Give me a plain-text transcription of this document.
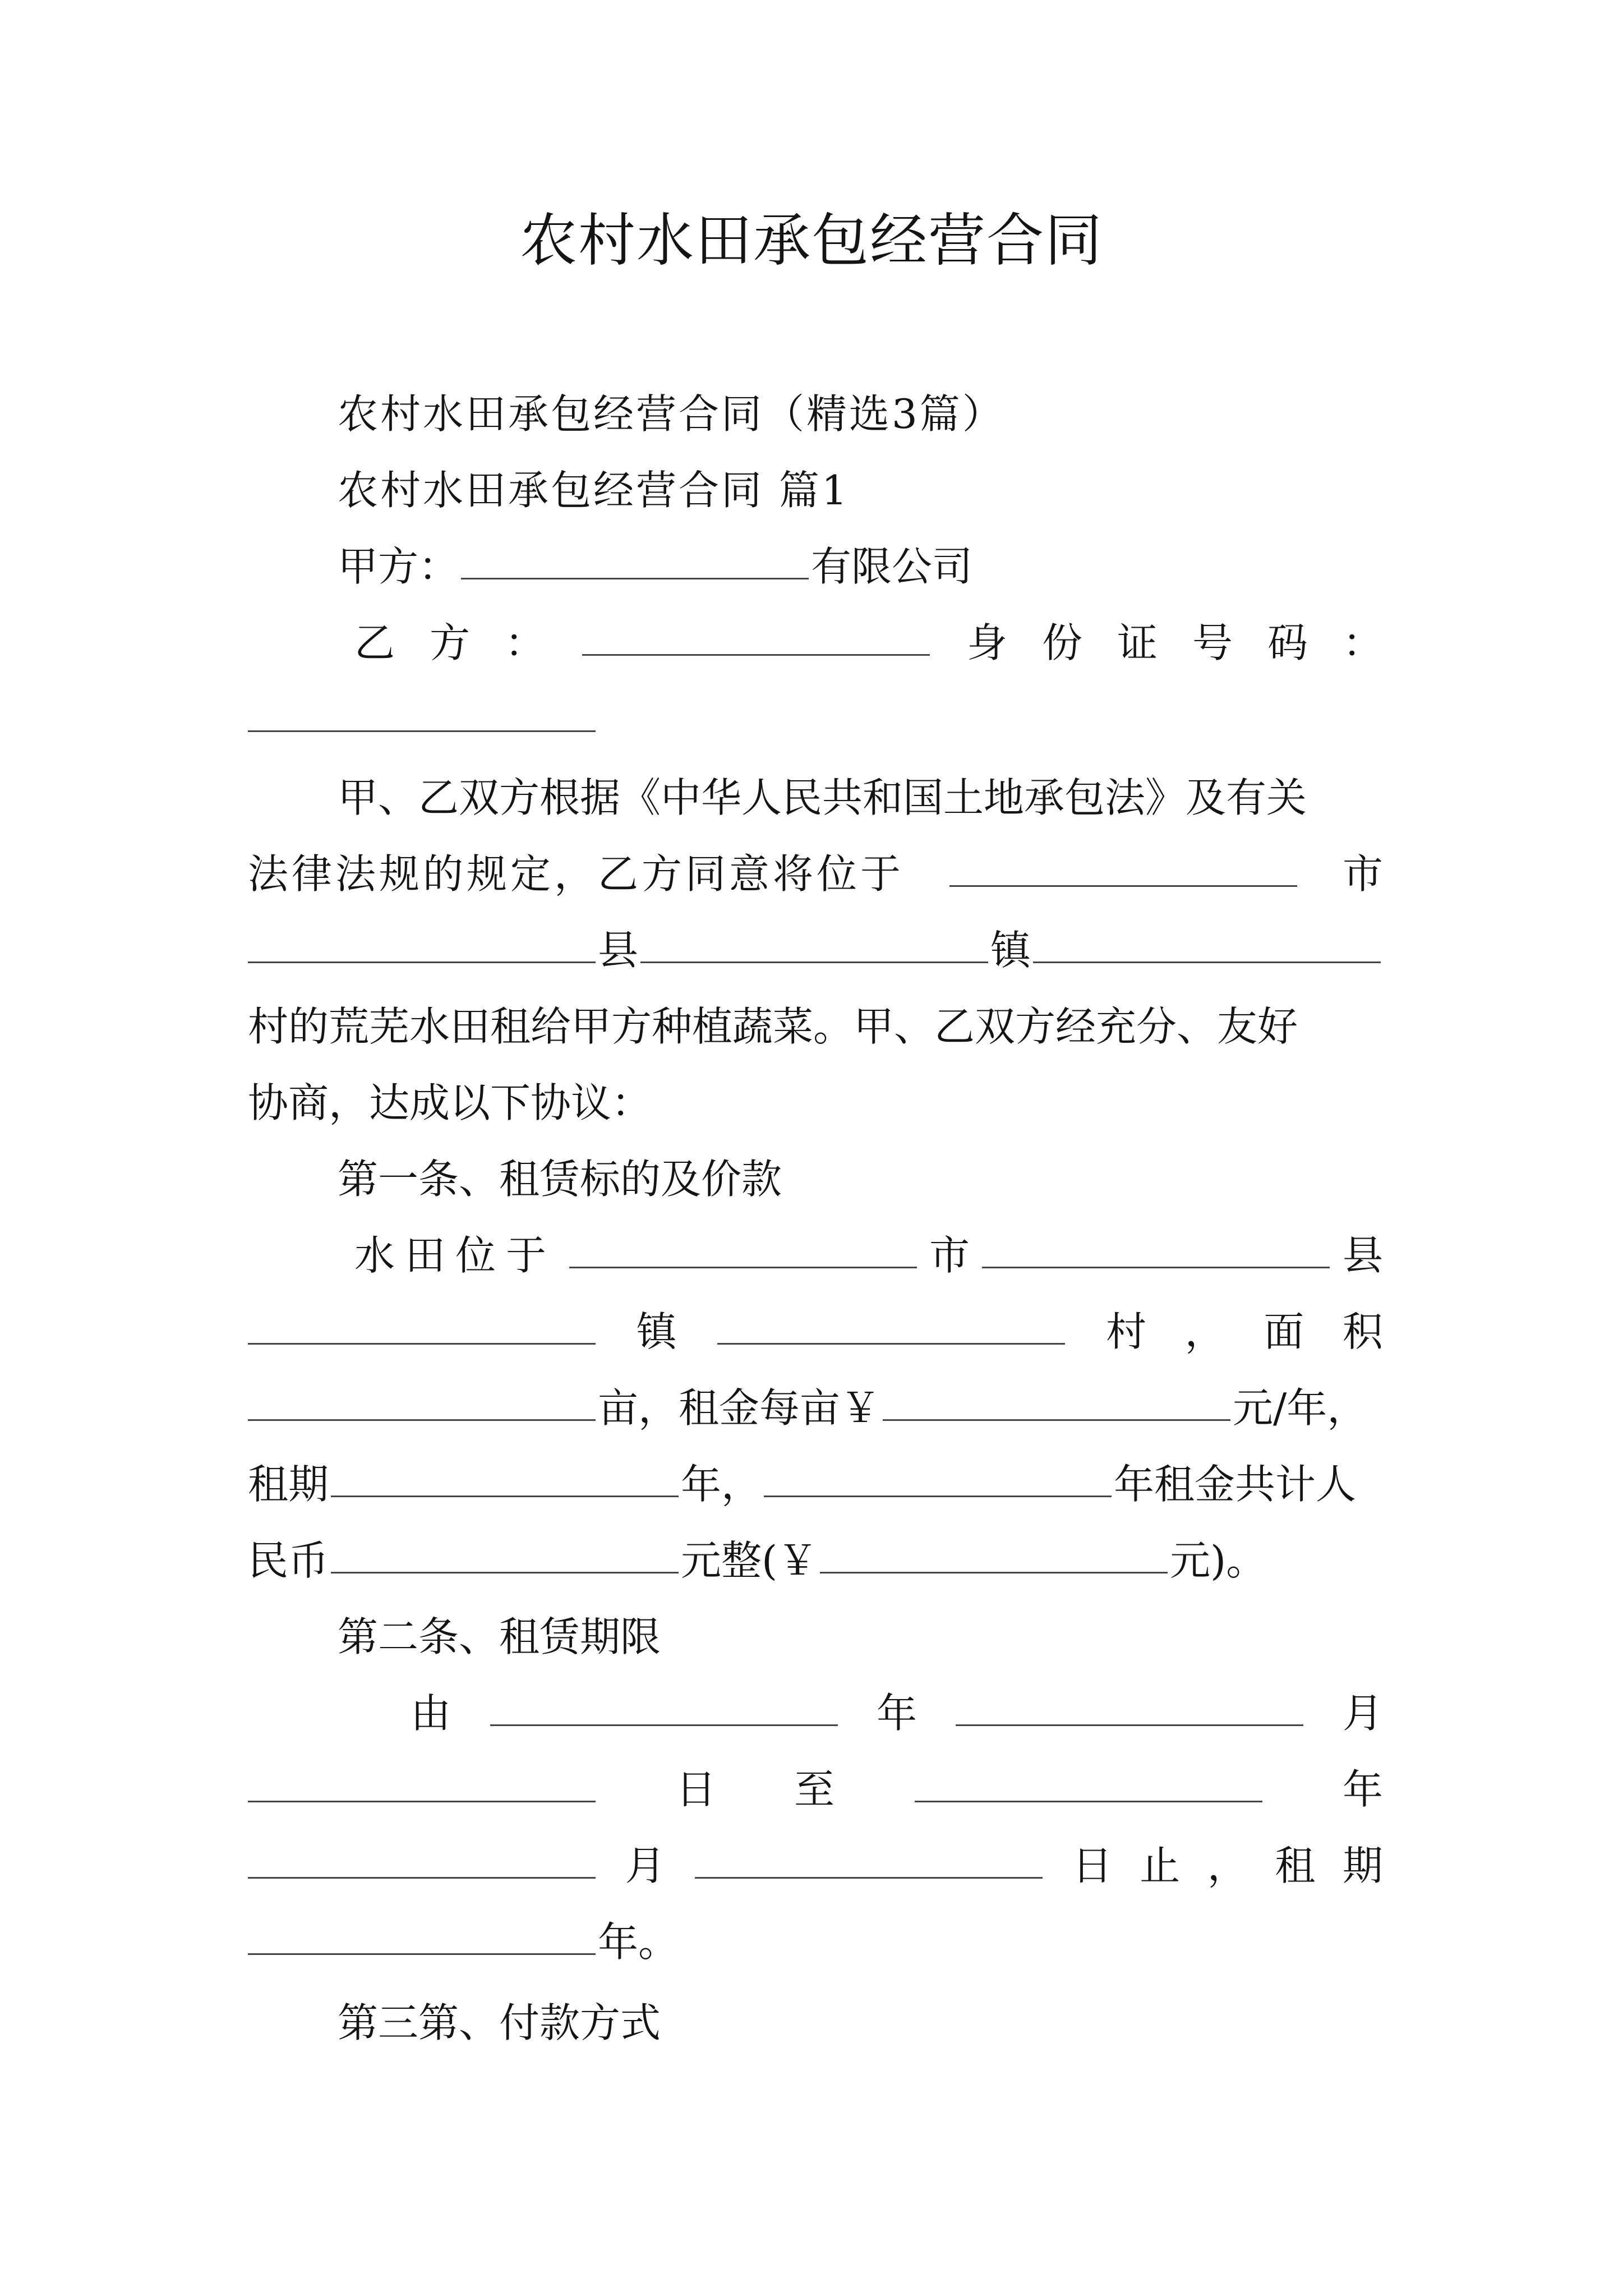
农村水田承包经营合同
农村水田承包经营合同（精选3篇）
农村水田承包经营合同 篇1
甲方：	有限公司
乙 方 ：	身 份 证 号 码 ：
甲、乙双方根据《中华人民共和国土地承包法》及有关
法律法规的规定，乙方同意将位于	市
县	镇
村的荒芜水田租给甲方种植蔬菜。甲、乙双方经充分、友好
协商，达成以下协议：
第一条、租赁标的及价款
水田位于	市	县
镇	村 ， 面 积
亩，租金每亩￥	元/年，
租期	年，	年租金共计人
民币	元整(￥	元)。
第二条、租赁期限
由	年	月
日 至	年
月	日 止 ， 租 期
年。
第三第、付款方式
